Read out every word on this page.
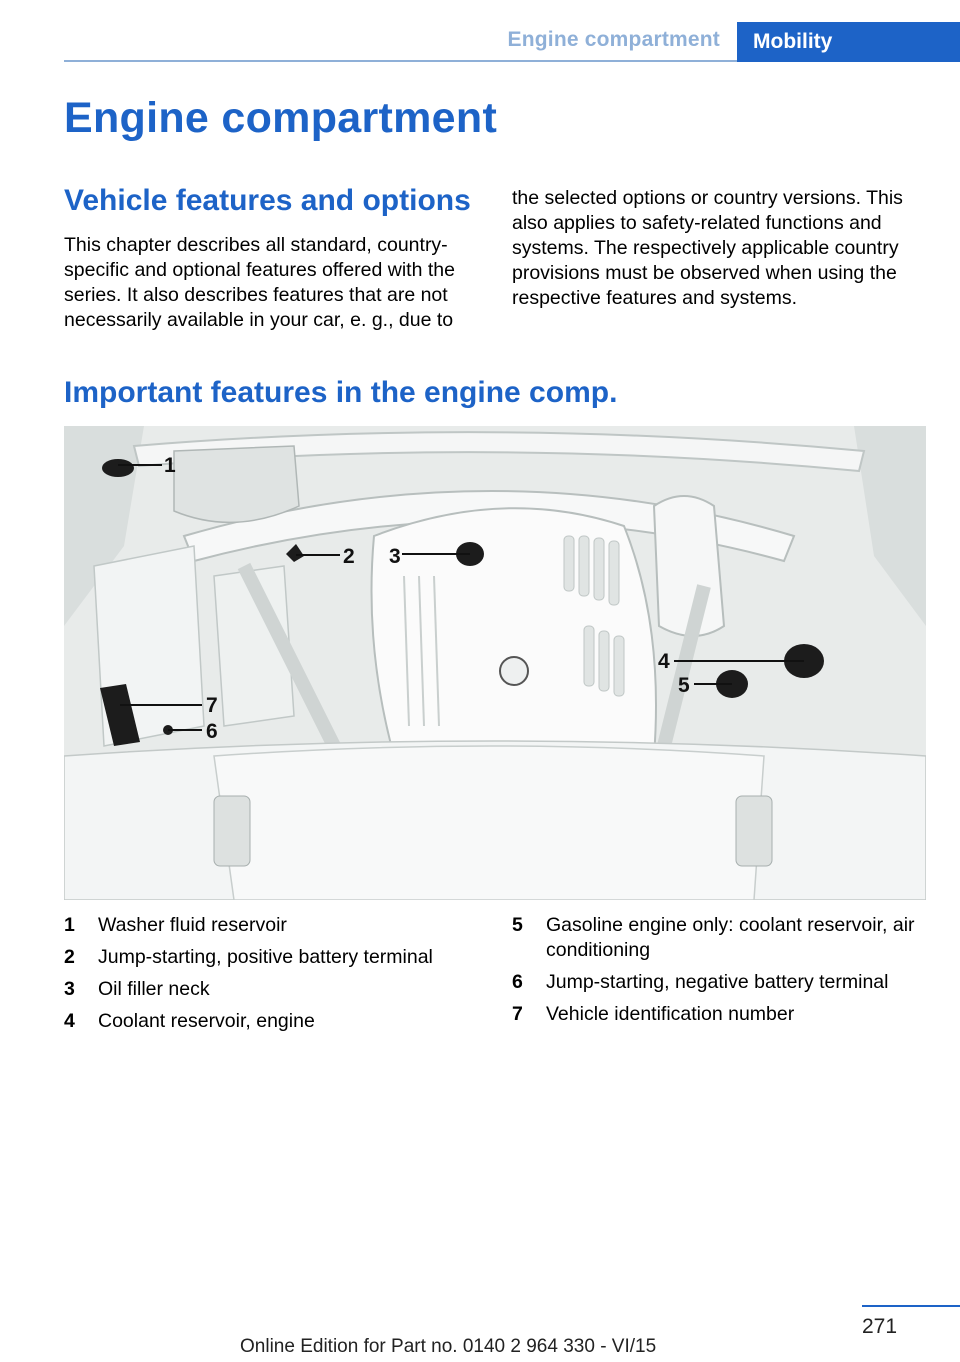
Engine compartment	Mobility
Engine compartment
Vehicle features and options

This chapter describes all standard, country-specific and optional features offered with the series. It also describes features that are not necessarily available in your car, e. g., due to

the selected options or country versions. This also applies to safety-related functions and systems. The respectively applicable country provisions must be observed when using the respective features and systems.

Important features in the engine comp.
1
2 3
4
5
6
7
1	Washer fluid reservoir
2	Jump-starting, positive battery terminal
3	Oil filler neck
4	Coolant reservoir, engine
5	Gasoline engine only: coolant reservoir, air conditioning
6	Jump-starting, negative battery terminal
7	Vehicle identification number
271
Online Edition for Part no. 0140 2 964 330 - VI/15
